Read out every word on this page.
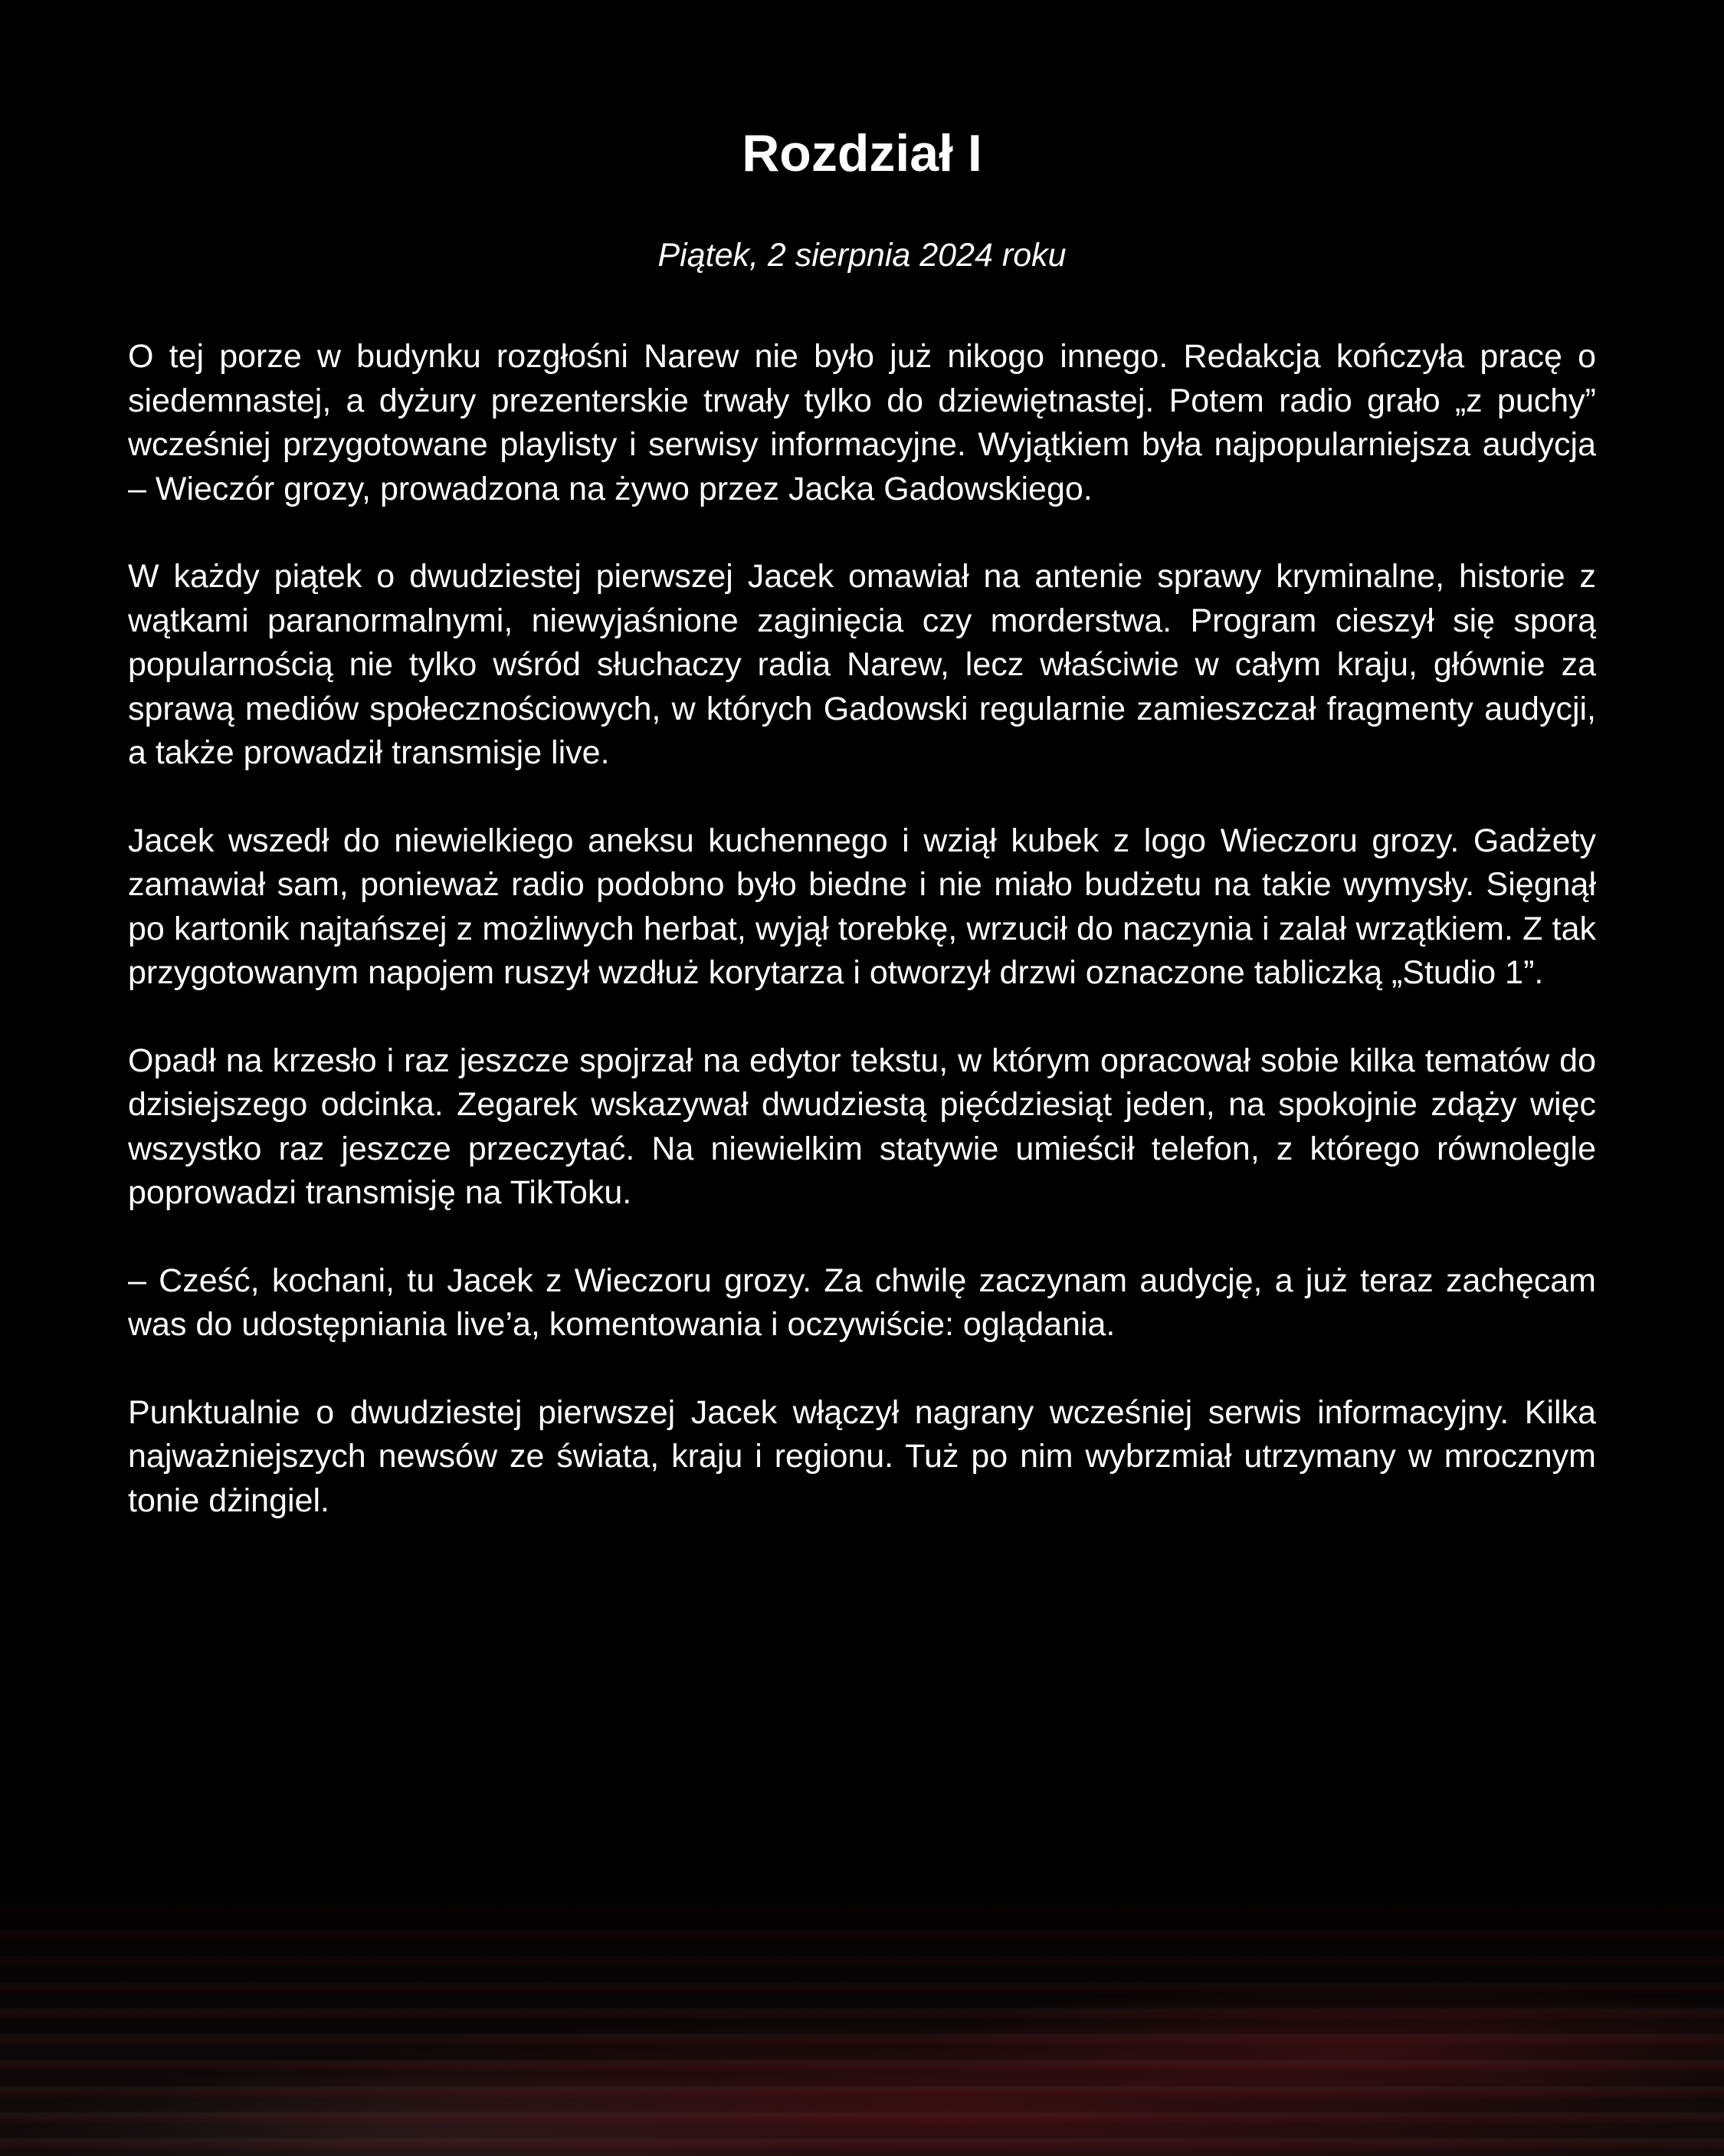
Rozdział I

Piątek, 2 sierpnia 2024 roku

O tej porze w budynku rozgłośni Narew nie było już nikogo innego. Redakcja kończyła pracę o siedemnastej, a dyżury prezenterskie trwały tylko do dziewiętnastej. Potem radio grało „z puchy” wcześniej przygotowane playlisty i serwisy informacyjne. Wyjątkiem była najpopularniejsza audycja – Wieczór grozy, prowadzona na żywo przez Jacka Gadowskiego.

W każdy piątek o dwudziestej pierwszej Jacek omawiał na antenie sprawy kryminalne, historie z wątkami paranormalnymi, niewyjaśnione zaginięcia czy morderstwa. Program cieszył się sporą popularnością nie tylko wśród słuchaczy radia Narew, lecz właściwie w całym kraju, głównie za sprawą mediów społecznościowych, w których Gadowski regularnie zamieszczał fragmenty audycji, a także prowadził transmisje live.

Jacek wszedł do niewielkiego aneksu kuchennego i wziął kubek z logo Wieczoru grozy. Gadżety zamawiał sam, ponieważ radio podobno było biedne i nie miało budżetu na takie wymysły. Sięgnął po kartonik najtańszej z możliwych herbat, wyjął torebkę, wrzucił do naczynia i zalał wrzątkiem. Z tak przygotowanym napojem ruszył wzdłuż korytarza i otworzył drzwi oznaczone tabliczką „Studio 1”.

Opadł na krzesło i raz jeszcze spojrzał na edytor tekstu, w którym opracował sobie kilka tematów do dzisiejszego odcinka. Zegarek wskazywał dwudziestą pięćdziesiąt jeden, na spokojnie zdąży więc wszystko raz jeszcze przeczytać. Na niewielkim statywie umieścił telefon, z którego równolegle poprowadzi transmisję na TikToku.

– Cześć, kochani, tu Jacek z Wieczoru grozy. Za chwilę zaczynam audycję, a już teraz zachęcam was do udostępniania live’a, komentowania i oczywiście: oglądania.

Punktualnie o dwudziestej pierwszej Jacek włączył nagrany wcześniej serwis informacyjny. Kilka najważniejszych newsów ze świata, kraju i regionu. Tuż po nim wybrzmiał utrzymany w mrocznym tonie dżingiel.
